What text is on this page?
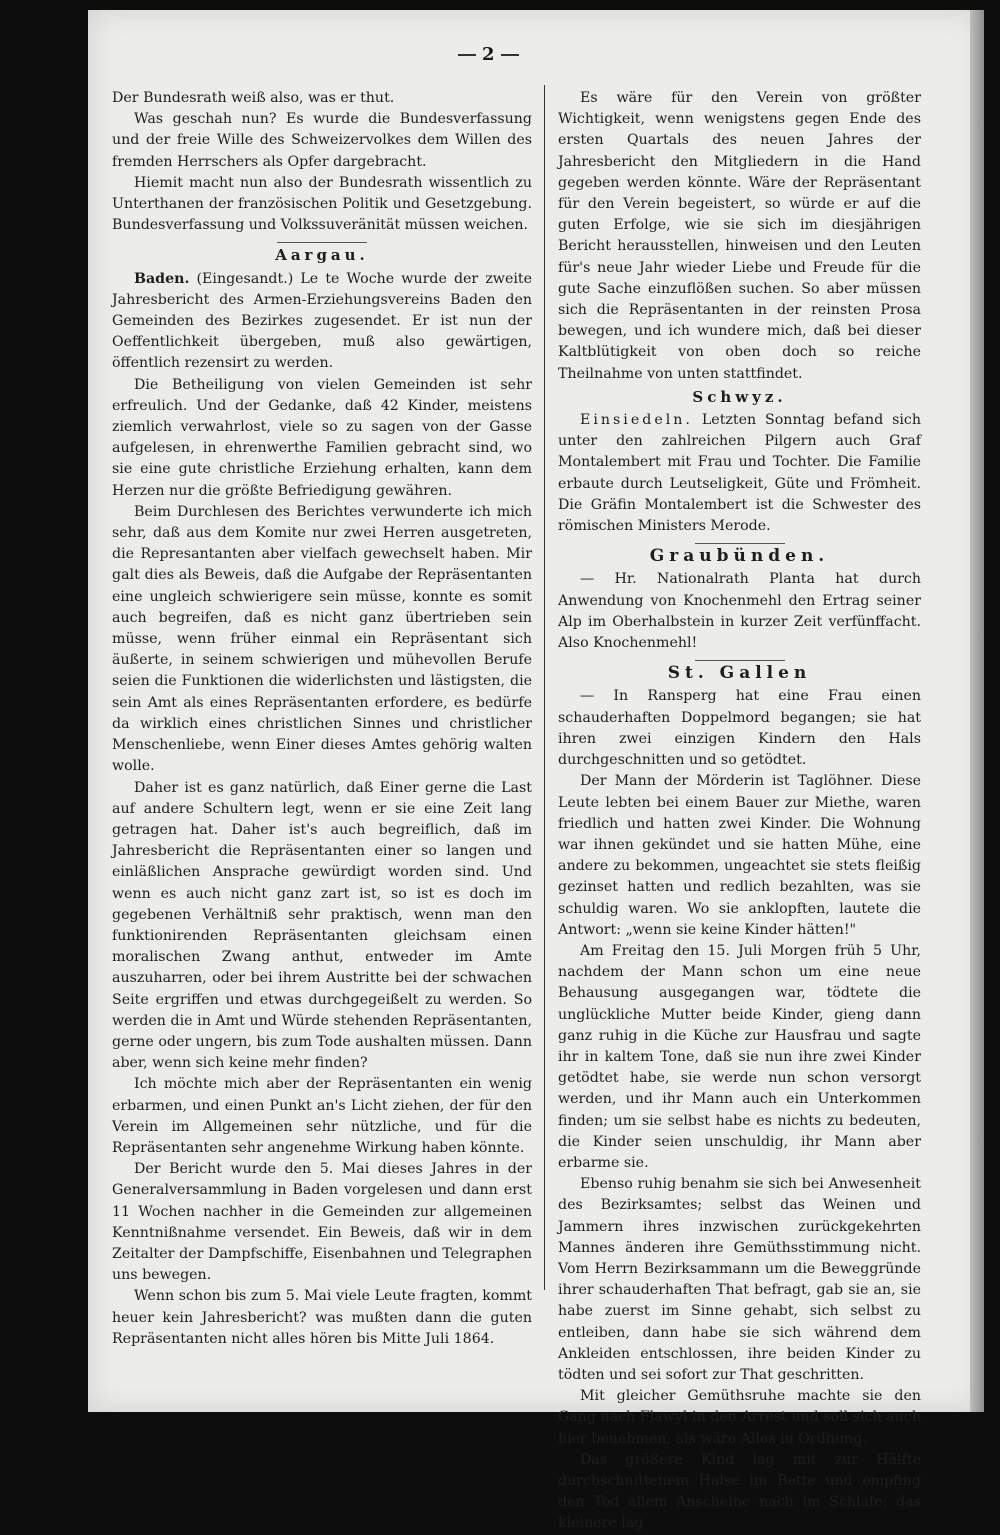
2

Der Bundesrath weiß also, was er thut.

Was geschah nun? Es wurde die Bundesverfassung und der freie Wille des Schweizervolkes dem Willen des fremden Herrschers als Opfer dargebracht.

Hiemit macht nun also der Bundesrath wissentlich zu Unterthanen der französischen Politik und Gesetzgebung. Bundesverfassung und Volkssuveränität müssen weichen.

Aargau.

Baden. (Eingesandt.) Le te Woche wurde der zweite Jahresbericht des Armen-Erziehungsvereins Baden den Gemeinden des Bezirkes zugesendet. Er ist nun der Oeffentlichkeit übergeben, muß also gewärtigen, öffentlich rezensirt zu werden.

Die Betheiligung von vielen Gemeinden ist sehr erfreulich. Und der Gedanke, daß 42 Kinder, meistens ziemlich verwahrlost, viele so zu sagen von der Gasse aufgelesen, in ehrenwerthe Familien gebracht sind, wo sie eine gute christliche Erziehung erhalten, kann dem Herzen nur die größte Befriedigung gewähren.

Beim Durchlesen des Berichtes verwunderte ich mich sehr, daß aus dem Komite nur zwei Herren ausgetreten, die Represantanten aber vielfach gewechselt haben. Mir galt dies als Beweis, daß die Aufgabe der Repräsentanten eine ungleich schwierigere sein müsse, konnte es somit auch begreifen, daß es nicht ganz übertrieben sein müsse, wenn früher einmal ein Repräsentant sich äußerte, in seinem schwierigen und mühevollen Berufe seien die Funktionen die widerlichsten und lästigsten, die sein Amt als eines Repräsentanten erfordere, es bedürfe da wirklich eines christlichen Sinnes und christlicher Menschenliebe, wenn Einer dieses Amtes gehörig walten wolle.

Daher ist es ganz natürlich, daß Einer gerne die Last auf andere Schultern legt, wenn er sie eine Zeit lang getragen hat. Daher ist's auch begreiflich, daß im Jahresbericht die Repräsentanten einer so langen und einläßlichen Ansprache gewürdigt worden sind. Und wenn es auch nicht ganz zart ist, so ist es doch im gegebenen Verhältniß sehr praktisch, wenn man den funktionirenden Repräsentanten gleichsam einen moralischen Zwang anthut, entweder im Amte auszuharren, oder bei ihrem Austritte bei der schwachen Seite ergriffen und etwas durchgegeißelt zu werden. So werden die in Amt und Würde stehenden Repräsentanten, gerne oder ungern, bis zum Tode aushalten müssen. Dann aber, wenn sich keine mehr finden?

Ich möchte mich aber der Repräsentanten ein wenig erbarmen, und einen Punkt an's Licht ziehen, der für den Verein im Allgemeinen sehr nützliche, und für die Repräsentanten sehr angenehme Wirkung haben könnte.

Der Bericht wurde den 5. Mai dieses Jahres in der Generalversammlung in Baden vorgelesen und dann erst 11 Wochen nachher in die Gemeinden zur allgemeinen Kenntnißnahme versendet. Ein Beweis, daß wir in dem Zeitalter der Dampfschiffe, Eisenbahnen und Telegraphen uns bewegen.

Wenn schon bis zum 5. Mai viele Leute fragten, kommt heuer kein Jahresbericht? was mußten dann die guten Repräsentanten nicht alles hören bis Mitte Juli 1864.

Es wäre für den Verein von größter Wichtigkeit, wenn wenigstens gegen Ende des ersten Quartals des neuen Jahres der Jahresbericht den Mitgliedern in die Hand gegeben werden könnte. Wäre der Repräsentant für den Verein begeistert, so würde er auf die guten Erfolge, wie sie sich im diesjährigen Bericht herausstellen, hinweisen und den Leuten für's neue Jahr wieder Liebe und Freude für die gute Sache einzuflößen suchen. So aber müssen sich die Repräsentanten in der reinsten Prosa bewegen, und ich wundere mich, daß bei dieser Kaltblütigkeit von oben doch so reiche Theilnahme von unten stattfindet.

Schwyz.

Einsiedeln. Letzten Sonntag befand sich unter den zahlreichen Pilgern auch Graf Montalembert mit Frau und Tochter. Die Familie erbaute durch Leutseligkeit, Güte und Frömheit. Die Gräfin Montalembert ist die Schwester des römischen Ministers Merode.

Graubünden.

— Hr. Nationalrath Planta hat durch Anwendung von Knochenmehl den Ertrag seiner Alp im Oberhalbstein in kurzer Zeit verfünffacht. Also Knochenmehl!

St. Gallen

— In Ransperg hat eine Frau einen schauderhaften Doppelmord begangen; sie hat ihren zwei einzigen Kindern den Hals durchgeschnitten und so getödtet.

Der Mann der Mörderin ist Taglöhner. Diese Leute lebten bei einem Bauer zur Miethe, waren friedlich und hatten zwei Kinder. Die Wohnung war ihnen gekündet und sie hatten Mühe, eine andere zu bekommen, ungeachtet sie stets fleißig gezinset hatten und redlich bezahlten, was sie schuldig waren. Wo sie anklopften, lautete die Antwort: „wenn sie keine Kinder hätten!"

Am Freitag den 15. Juli Morgen früh 5 Uhr, nachdem der Mann schon um eine neue Behausung ausgegangen war, tödtete die unglückliche Mutter beide Kinder, gieng dann ganz ruhig in die Küche zur Hausfrau und sagte ihr in kaltem Tone, daß sie nun ihre zwei Kinder getödtet habe, sie werde nun schon versorgt werden, und ihr Mann auch ein Unterkommen finden; um sie selbst habe es nichts zu bedeuten, die Kinder seien unschuldig, ihr Mann aber erbarme sie.

Ebenso ruhig benahm sie sich bei Anwesenheit des Bezirksamtes; selbst das Weinen und Jammern ihres inzwischen zurückgekehrten Mannes änderen ihre Gemüthsstimmung nicht. Vom Herrn Bezirksammann um die Beweggründe ihrer schauderhaften That befragt, gab sie an, sie habe zuerst im Sinne gehabt, sich selbst zu entleiben, dann habe sie sich während dem Ankleiden entschlossen, ihre beiden Kinder zu tödten und sei sofort zur That geschritten.

Mit gleicher Gemüthsruhe machte sie den Gang nach Flawyl in den Arrest und soll sich auch hier benehmen, als wäre Alles in Ordnung.

Das größere Kind lag mit zur Hälfte durchschnittenem Halse im Bette und empfing den Tod allem Anscheine nach im Schlafe; das kleinere lag
